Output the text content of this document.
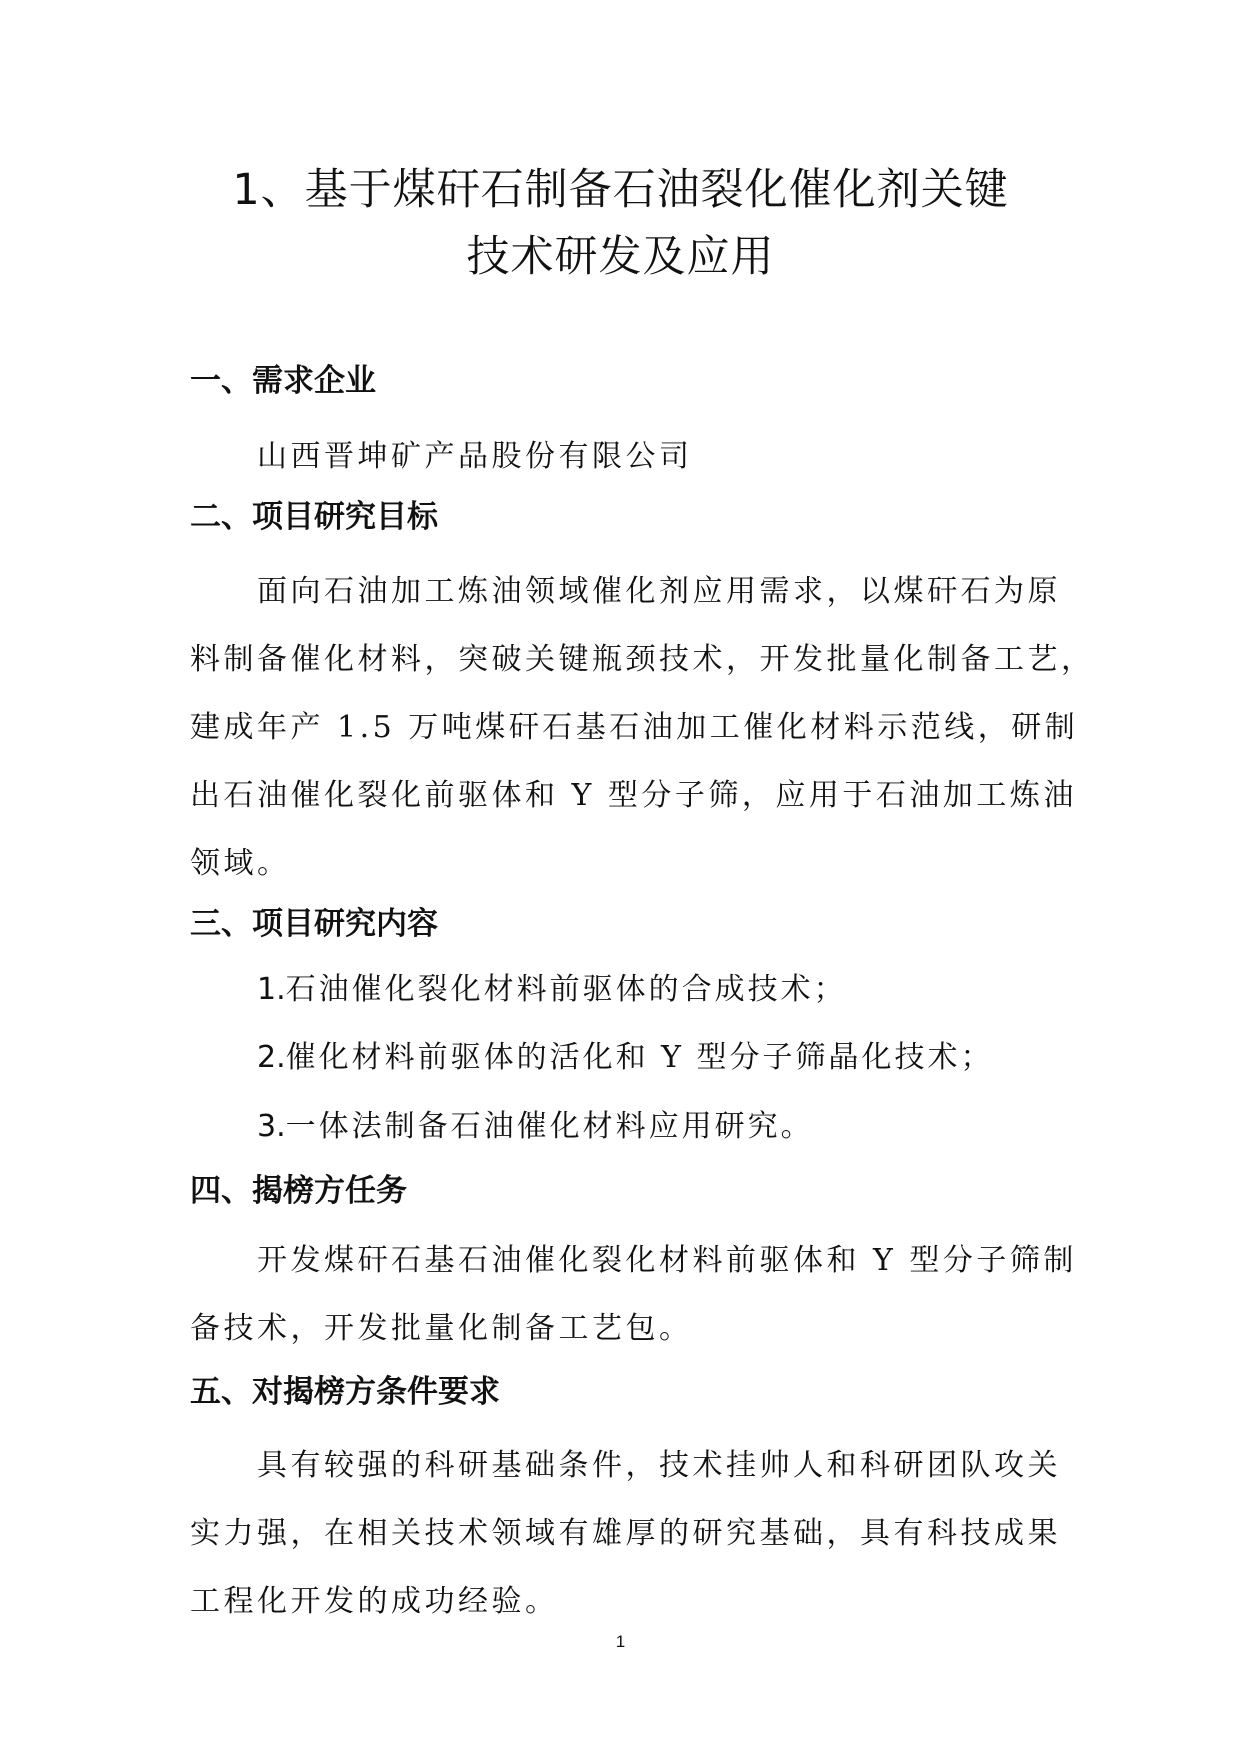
1、基于煤矸石制备石油裂化催化剂关键
技术研发及应用
一、需求企业

山西晋坤矿产品股份有限公司

二、项目研究目标

面向石油加工炼油领域催化剂应用需求，以煤矸石为原

料制备催化材料，突破关键瓶颈技术，开发批量化制备工艺，

建成年产 1.5 万吨煤矸石基石油加工催化材料示范线，研制

出石油催化裂化前驱体和 Y 型分子筛，应用于石油加工炼油

领域。

三、项目研究内容

1.石油催化裂化材料前驱体的合成技术；

2.催化材料前驱体的活化和 Y 型分子筛晶化技术；

3.一体法制备石油催化材料应用研究。

四、揭榜方任务

开发煤矸石基石油催化裂化材料前驱体和 Y 型分子筛制

备技术，开发批量化制备工艺包。

五、对揭榜方条件要求

具有较强的科研基础条件，技术挂帅人和科研团队攻关

实力强，在相关技术领域有雄厚的研究基础，具有科技成果

工程化开发的成功经验。

1
